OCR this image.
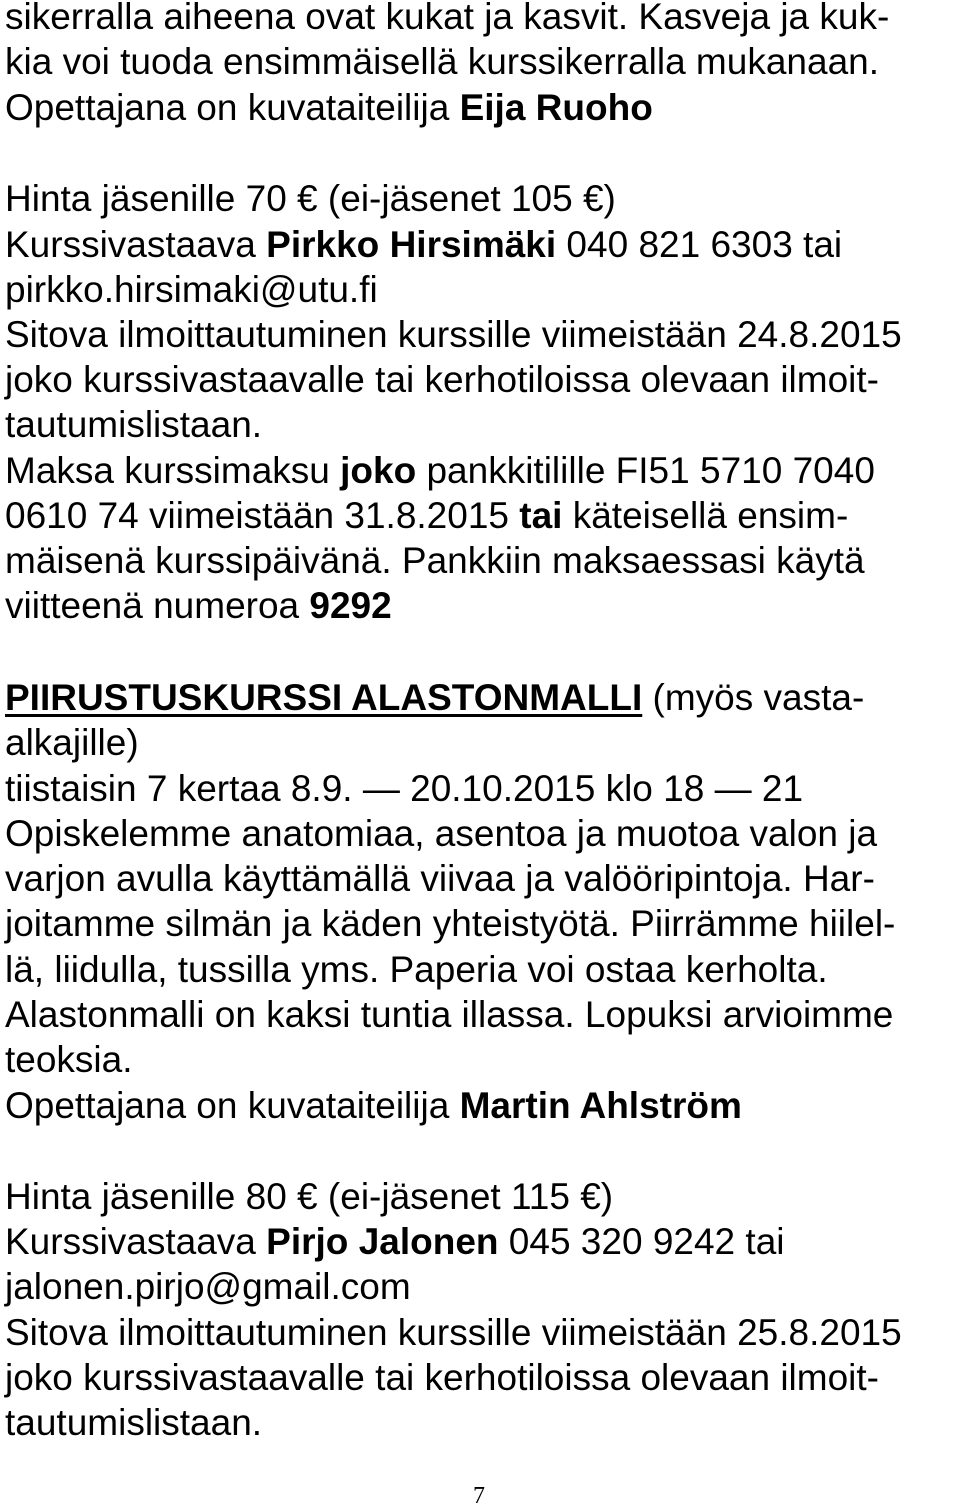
sikerralla aiheena ovat kukat ja kasvit. Kasveja ja kuk-

kia voi tuoda ensimmäisellä kurssikerralla mukanaan.

Opettajana on kuvataiteilija Eija Ruoho

Hinta jäsenille 70 € (ei-jäsenet 105 €)

Kurssivastaava Pirkko Hirsimäki 040 821 6303 tai

pirkko.hirsimaki@utu.fi

Sitova ilmoittautuminen kurssille viimeistään 24.8.2015

joko kurssivastaavalle tai kerhotiloissa olevaan ilmoit-

tautumislistaan.

Maksa kurssimaksu joko pankkitilille FI51 5710 7040

0610 74 viimeistään 31.8.2015 tai käteisellä ensim-

mäisenä kurssipäivänä. Pankkiin maksaessasi käytä

viitteenä numeroa 9292

PIIRUSTUSKURSSI ALASTONMALLI (myös vasta-

alkajille)

tiistaisin 7 kertaa 8.9. — 20.10.2015 klo 18 — 21

Opiskelemme anatomiaa, asentoa ja muotoa valon ja

varjon avulla käyttämällä viivaa ja valööripintoja. Har-

joitamme silmän ja käden yhteistyötä. Piirrämme hiilel-

lä, liidulla, tussilla yms. Paperia voi ostaa kerholta.

Alastonmalli on kaksi tuntia illassa. Lopuksi arvioimme

teoksia.

Opettajana on kuvataiteilija Martin Ahlström

Hinta jäsenille 80 € (ei-jäsenet 115 €)

Kurssivastaava Pirjo Jalonen 045 320 9242 tai

jalonen.pirjo@gmail.com

Sitova ilmoittautuminen kurssille viimeistään 25.8.2015

joko kurssivastaavalle tai kerhotiloissa olevaan ilmoit-

tautumislistaan.

7
